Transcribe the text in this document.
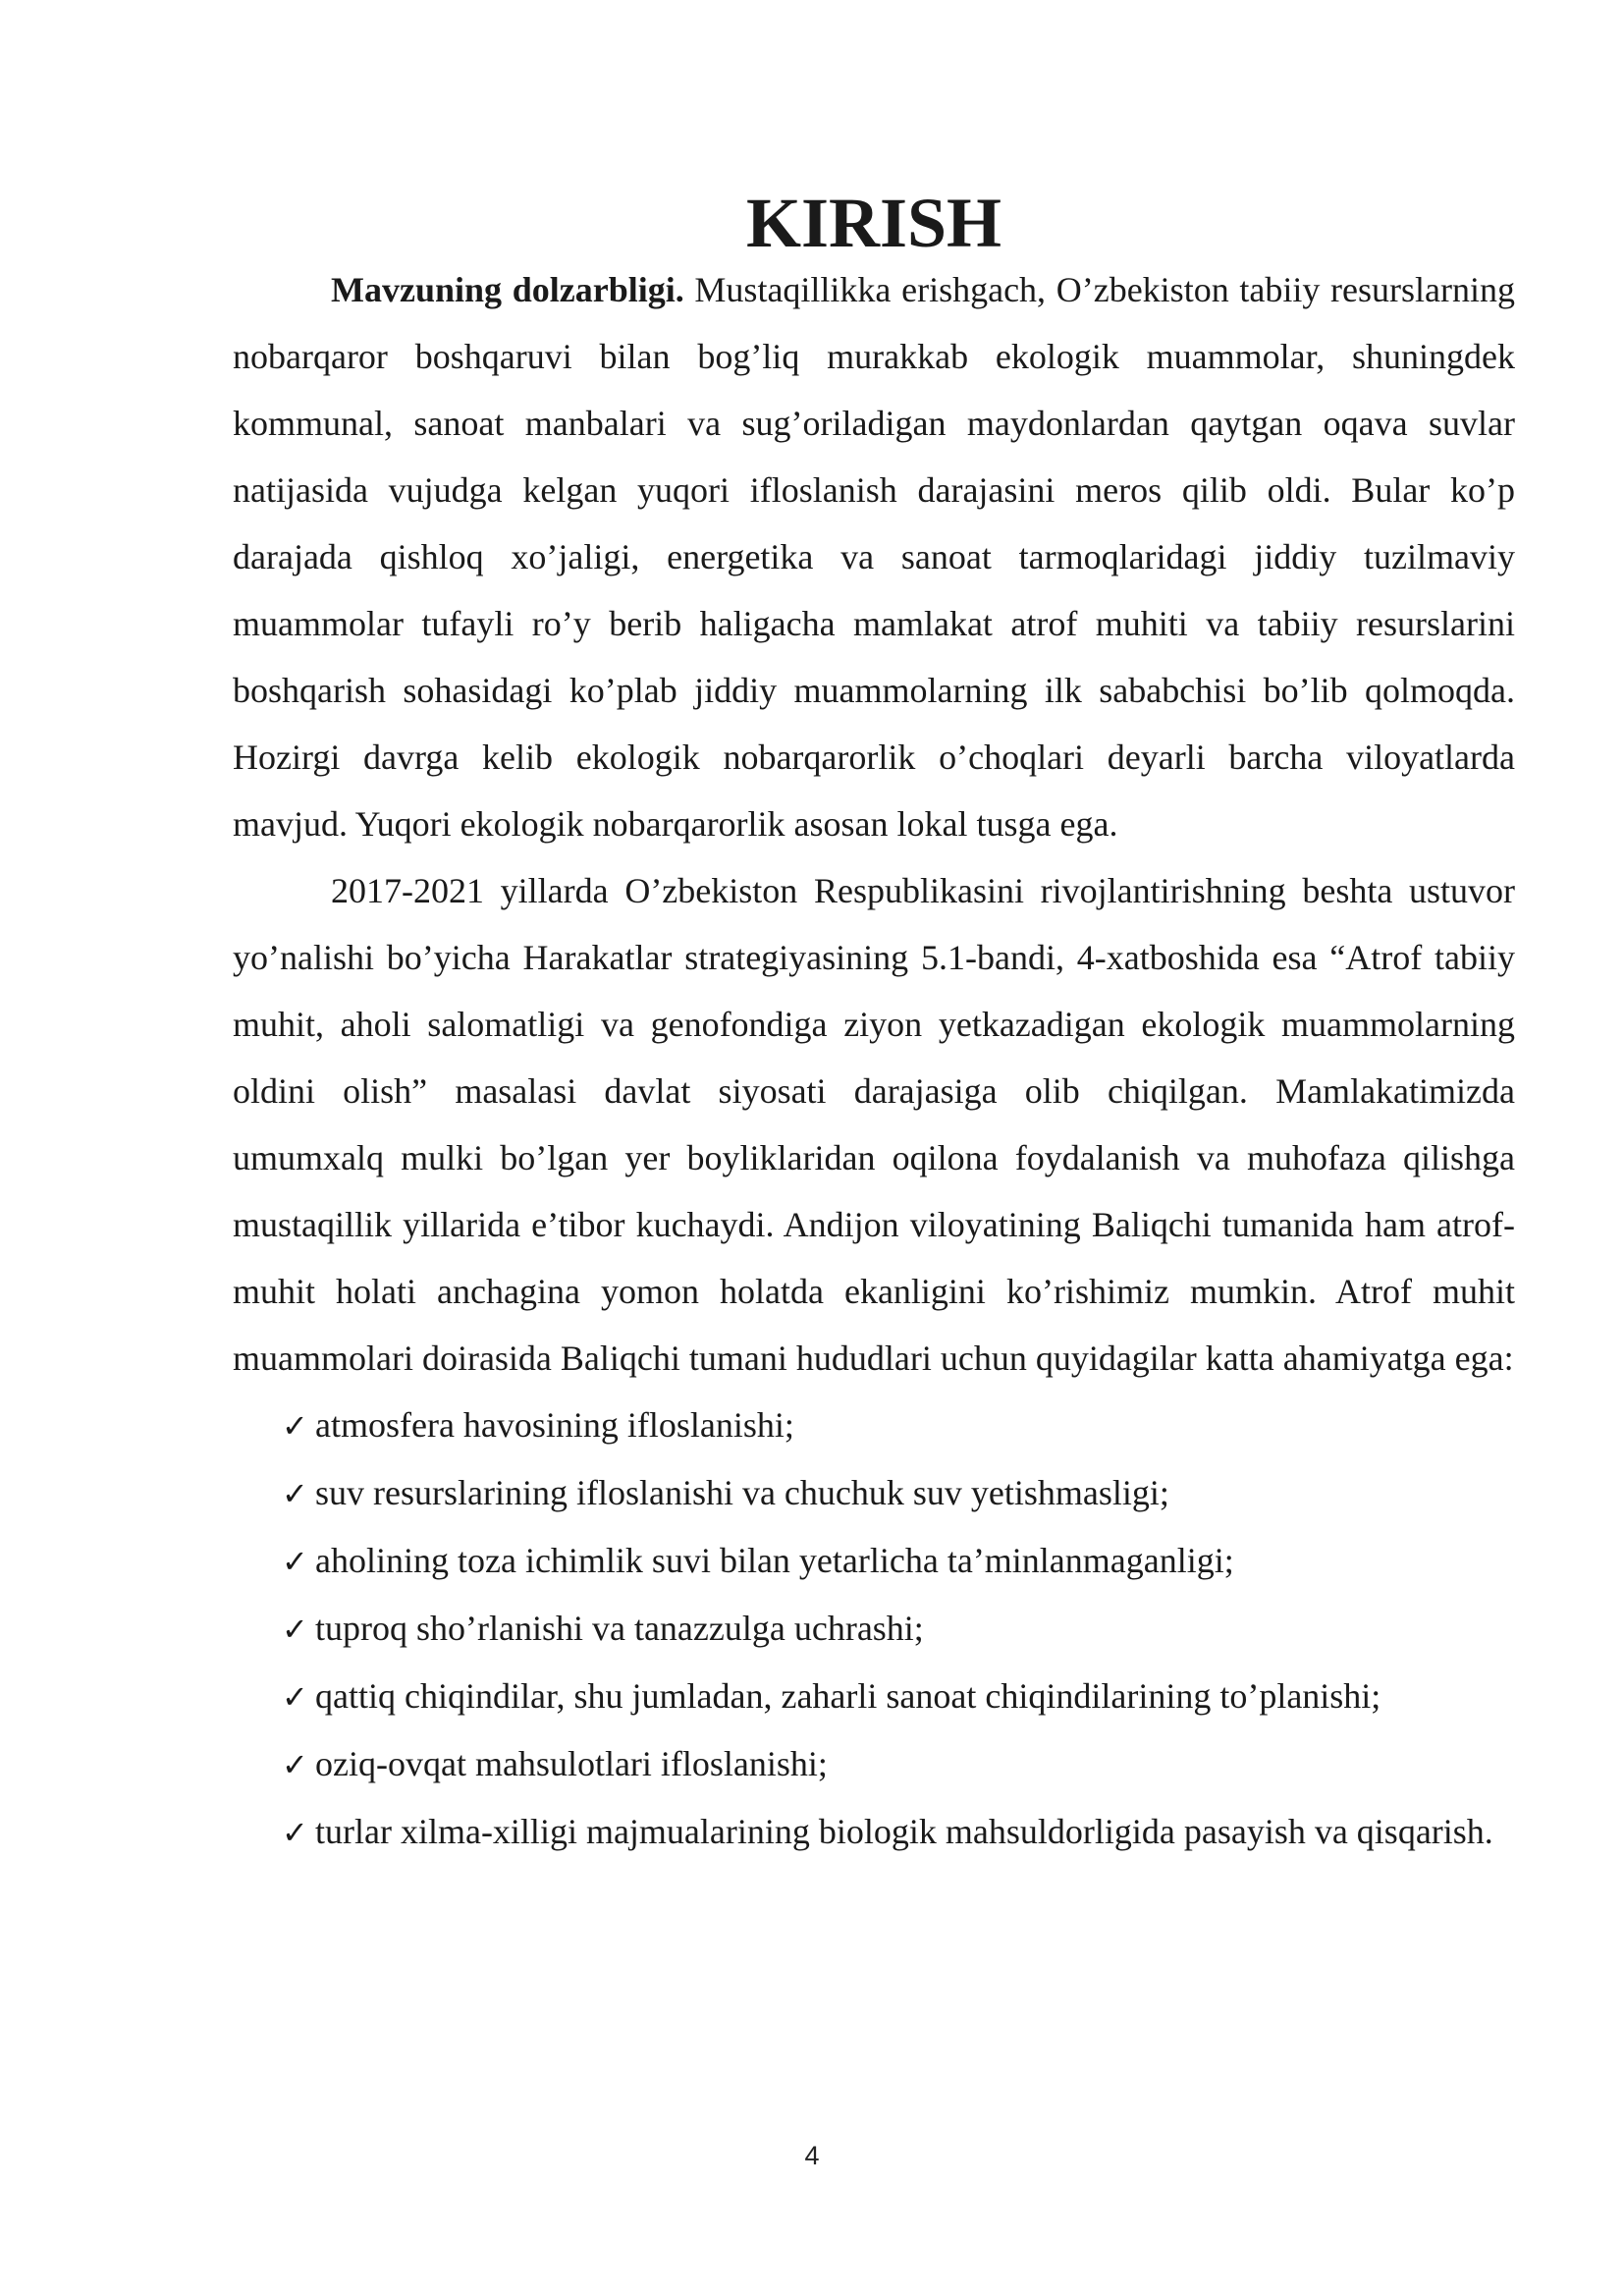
KIRISH

Mavzuning dolzarbligi. Mustaqillikka erishgach, O’zbekiston tabiiy resurslarning nobarqaror boshqaruvi bilan bog’liq murakkab ekologik muammolar, shuningdek kommunal, sanoat manbalari va sug’oriladigan maydonlardan qaytgan oqava suvlar natijasida vujudga kelgan yuqori ifloslanish darajasini meros qilib oldi. Bular ko’p darajada qishloq xo’jaligi, energetika va sanoat tarmoqlaridagi jiddiy tuzilmaviy muammolar tufayli ro’y berib haligacha mamlakat atrof muhiti va tabiiy resurslarini boshqarish sohasidagi ko’plab jiddiy muammolarning ilk sababchisi bo’lib qolmoqda. Hozirgi davrga kelib ekologik nobarqarorlik o’choqlari deyarli barcha viloyatlarda mavjud. Yuqori ekologik nobarqarorlik asosan lokal tusga ega.

2017-2021 yillarda O’zbekiston Respublikasini rivojlantirishning beshta ustuvor yo’nalishi bo’yicha Harakatlar strategiyasining 5.1-bandi, 4-xatboshida esa “Atrof tabiiy muhit, aholi salomatligi va genofondiga ziyon yetkazadigan ekologik muammolarning oldini olish” masalasi davlat siyosati darajasiga olib chiqilgan. Mamlakatimizda umumxalq mulki bo’lgan yer boyliklaridan oqilona foydalanish va muhofaza qilishga mustaqillik yillarida e’tibor kuchaydi. Andijon viloyatining Baliqchi tumanida ham atrof-muhit holati anchagina yomon holatda ekanligini ko’rishimiz mumkin. Atrof muhit muammolari doirasida Baliqchi tumani hududlari uchun quyidagilar katta ahamiyatga ega:

✓ atmosfera havosining ifloslanishi;
✓ suv resurslarining ifloslanishi va chuchuk suv yetishmasligi;
✓ aholining toza ichimlik suvi bilan yetarlicha ta’minlanmaganligi;
✓ tuproq sho’rlanishi va tanazzulga uchrashi;
✓ qattiq chiqindilar, shu jumladan, zaharli sanoat chiqindilarining to’planishi;
✓ oziq-ovqat mahsulotlari ifloslanishi;
✓ turlar xilma-xilligi majmualarining biologik mahsuldorligida pasayish va qisqarish.
4
